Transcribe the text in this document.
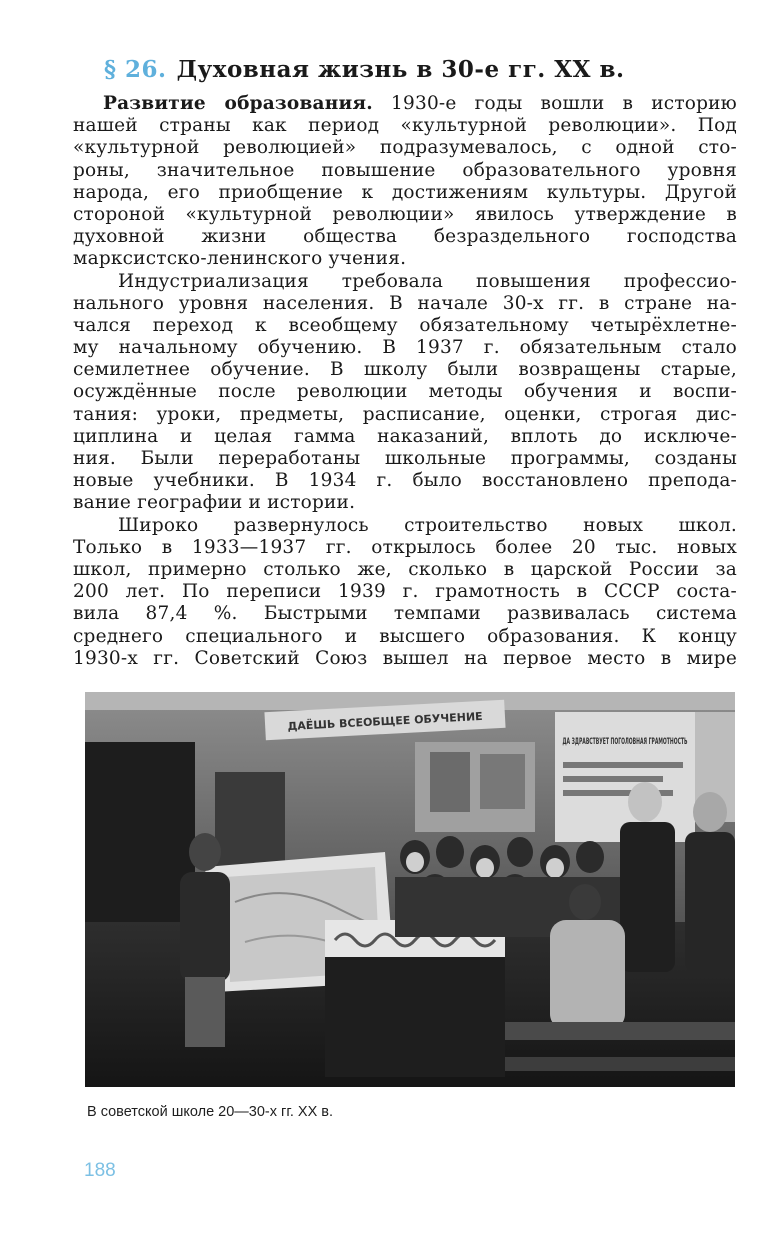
§ 26. Духовная жизнь в 30-е гг. XX в.
Развитие образования. 1930-е годы вошли в историю
нашей страны как период «культурной революции». Под
«культурной революцией» подразумевалось, с одной сто-
роны, значительное повышение образовательного уровня
народа, его приобщение к достижениям культуры. Другой
стороной «культурной революции» явилось утверждение в
духовной жизни общества безраздельного господства
марксистско-ленинского учения.
Индустриализация требовала повышения профессио-
нального уровня населения. В начале 30-х гг. в стране на-
чался переход к всеобщему обязательному четырёхлетне-
му начальному обучению. В 1937 г. обязательным стало
семилетнее обучение. В школу были возвращены старые,
осуждённые после революции методы обучения и воспи-
тания: уроки, предметы, расписание, оценки, строгая дис-
циплина и целая гамма наказаний, вплоть до исключе-
ния. Были переработаны школьные программы, созданы
новые учебники. В 1934 г. было восстановлено препода-
вание географии и истории.
Широко развернулось строительство новых школ.
Только в 1933—1937 гг. открылось более 20 тыс. новых
школ, примерно столько же, сколько в царской России за
200 лет. По переписи 1939 г. грамотность в СССР соста-
вила 87,4 %. Быстрыми темпами развивалась система
среднего специального и высшего образования. К концу
1930-х гг. Советский Союз вышел на первое место в мире
ДАЁШЬ ВСЕОБЩЕЕ ОБУЧЕНИЕ
ДА ЗДРАВСТВУЕТ ПОГОЛОВНАЯ ГРАМОТНОСТЬ
В советской школе 20—30-х гг. XX в.
188
